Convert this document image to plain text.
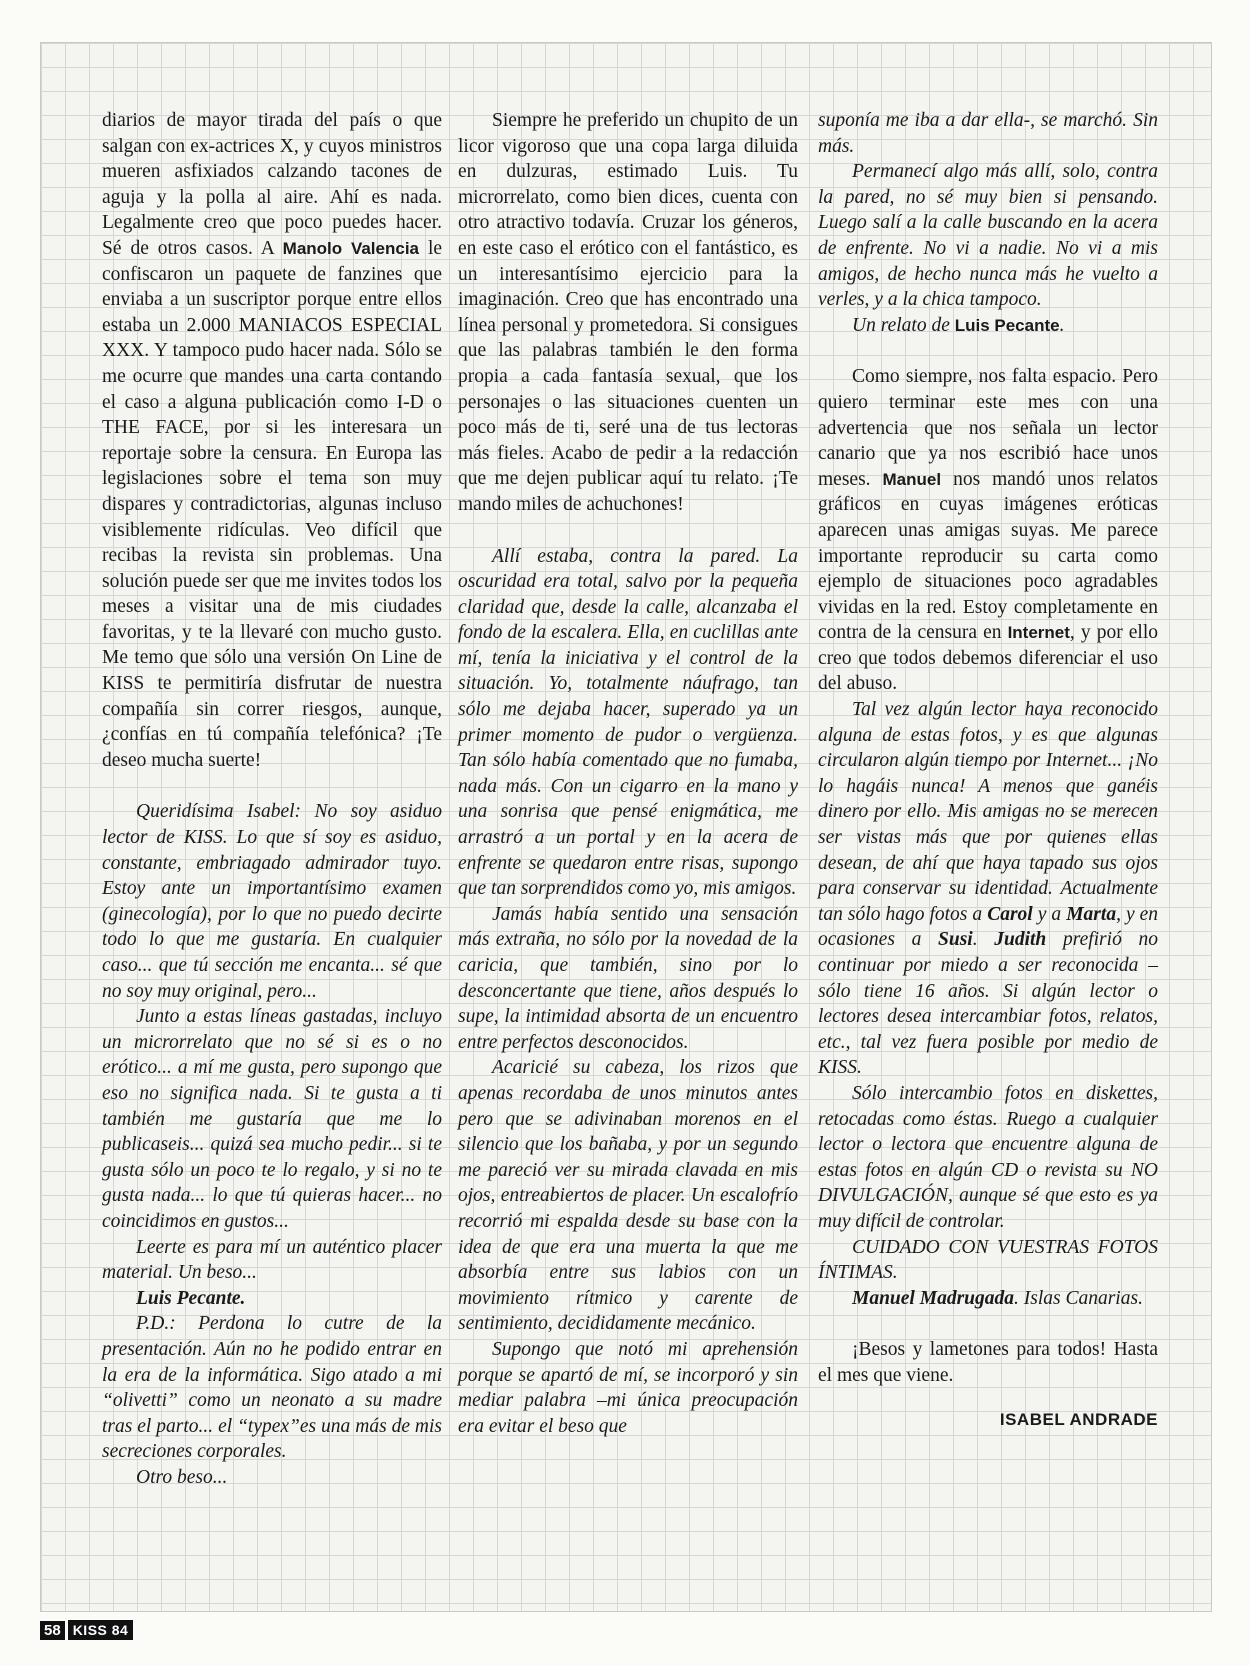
diarios de mayor tirada del país o que salgan con ex-actrices X, y cuyos ministros mueren asfixiados calzando tacones de aguja y la polla al aire. Ahí es nada. Legalmente creo que poco puedes hacer. Sé de otros casos. A Manolo Valencia le confiscaron un paquete de fanzines que enviaba a un suscriptor porque entre ellos estaba un 2.000 MANIACOS ESPECIAL XXX. Y tampoco pudo hacer nada. Sólo se me ocurre que mandes una carta contando el caso a alguna publicación como I-D o THE FACE, por si les interesara un reportaje sobre la censura. En Europa las legislaciones sobre el tema son muy dispares y contradictorias, algunas incluso visiblemente ridículas. Veo difícil que recibas la revista sin problemas. Una solución puede ser que me invites todos los meses a visitar una de mis ciudades favoritas, y te la llevaré con mucho gusto. Me temo que sólo una versión On Line de KISS te permitiría disfrutar de nuestra compañía sin correr riesgos, aunque, ¿confías en tú compañía telefónica? ¡Te deseo mucha suerte!

Queridísima Isabel: No soy asiduo lector de KISS. Lo que sí soy es asiduo, constante, embriagado admirador tuyo. Estoy ante un importantísimo examen (ginecología), por lo que no puedo decirte todo lo que me gustaría. En cualquier caso... que tú sección me encanta... sé que no soy muy original, pero...

Junto a estas líneas gastadas, incluyo un microrrelato que no sé si es o no erótico... a mí me gusta, pero supongo que eso no significa nada. Si te gusta a ti también me gustaría que me lo publicaseis... quizá sea mucho pedir... si te gusta sólo un poco te lo regalo, y si no te gusta nada... lo que tú quieras hacer... no coincidimos en gustos...

Leerte es para mí un auténtico placer material. Un beso...

Luis Pecante.

P.D.: Perdona lo cutre de la presentación. Aún no he podido entrar en la era de la informática. Sigo atado a mi “olivetti” como un neonato a su madre tras el parto... el “typex”es una más de mis secreciones corporales.

Otro beso...

Siempre he preferido un chupito de un licor vigoroso que una copa larga diluida en dulzuras, estimado Luis. Tu microrrelato, como bien dices, cuenta con otro atractivo todavía. Cruzar los géneros, en este caso el erótico con el fantástico, es un interesantísimo ejercicio para la imaginación. Creo que has encontrado una línea personal y prometedora. Si consigues que las palabras también le den forma propia a cada fantasía sexual, que los personajes o las situaciones cuenten un poco más de ti, seré una de tus lectoras más fieles. Acabo de pedir a la redacción que me dejen publicar aquí tu relato. ¡Te mando miles de achuchones!

Allí estaba, contra la pared. La oscuridad era total, salvo por la pequeña claridad que, desde la calle, alcanzaba el fondo de la escalera. Ella, en cuclillas ante mí, tenía la iniciativa y el control de la situación. Yo, totalmente náufrago, tan sólo me dejaba hacer, superado ya un primer momento de pudor o vergüenza. Tan sólo había comentado que no fumaba, nada más. Con un cigarro en la mano y una sonrisa que pensé enigmática, me arrastró a un portal y en la acera de enfrente se quedaron entre risas, supongo que tan sorprendidos como yo, mis amigos.

Jamás había sentido una sensación más extraña, no sólo por la novedad de la caricia, que también, sino por lo desconcertante que tiene, años después lo supe, la intimidad absorta de un encuentro entre perfectos desconocidos.

Acaricié su cabeza, los rizos que apenas recordaba de unos minutos antes pero que se adivinaban morenos en el silencio que los bañaba, y por un segundo me pareció ver su mirada clavada en mis ojos, entreabiertos de placer. Un escalofrío recorrió mi espalda desde su base con la idea de que era una muerta la que me absorbía entre sus labios con un movimiento rítmico y carente de sentimiento, decididamente mecánico.

Supongo que notó mi aprehensión porque se apartó de mí, se incorporó y sin mediar palabra –mi única preocupación era evitar el beso que

suponía me iba a dar ella-, se marchó. Sin más.

Permanecí algo más allí, solo, contra la pared, no sé muy bien si pensando. Luego salí a la calle buscando en la acera de enfrente. No vi a nadie. No vi a mis amigos, de hecho nunca más he vuelto a verles, y a la chica tampoco.

Un relato de Luis Pecante.

Como siempre, nos falta espacio. Pero quiero terminar este mes con una advertencia que nos señala un lector canario que ya nos escribió hace unos meses. Manuel nos mandó unos relatos gráficos en cuyas imágenes eróticas aparecen unas amigas suyas. Me parece importante reproducir su carta como ejemplo de situaciones poco agradables vividas en la red. Estoy completamente en contra de la censura en Internet, y por ello creo que todos debemos diferenciar el uso del abuso.

Tal vez algún lector haya reconocido alguna de estas fotos, y es que algunas circularon algún tiempo por Internet... ¡No lo hagáis nunca! A menos que ganéis dinero por ello. Mis amigas no se merecen ser vistas más que por quienes ellas desean, de ahí que haya tapado sus ojos para conservar su identidad. Actualmente tan sólo hago fotos a Carol y a Marta, y en ocasiones a Susi. Judith prefirió no continuar por miedo a ser reconocida –sólo tiene 16 años. Si algún lector o lectores desea intercambiar fotos, relatos, etc., tal vez fuera posible por medio de KISS.

Sólo intercambio fotos en diskettes, retocadas como éstas. Ruego a cualquier lector o lectora que encuentre alguna de estas fotos en algún CD o revista su NO DIVULGACIÓN, aunque sé que esto es ya muy difícil de controlar.

CUIDADO CON VUESTRAS FOTOS ÍNTIMAS.

Manuel Madrugada. Islas Canarias.

¡Besos y lametones para todos! Hasta el mes que viene.

ISABEL ANDRADE
58 KISS 84
